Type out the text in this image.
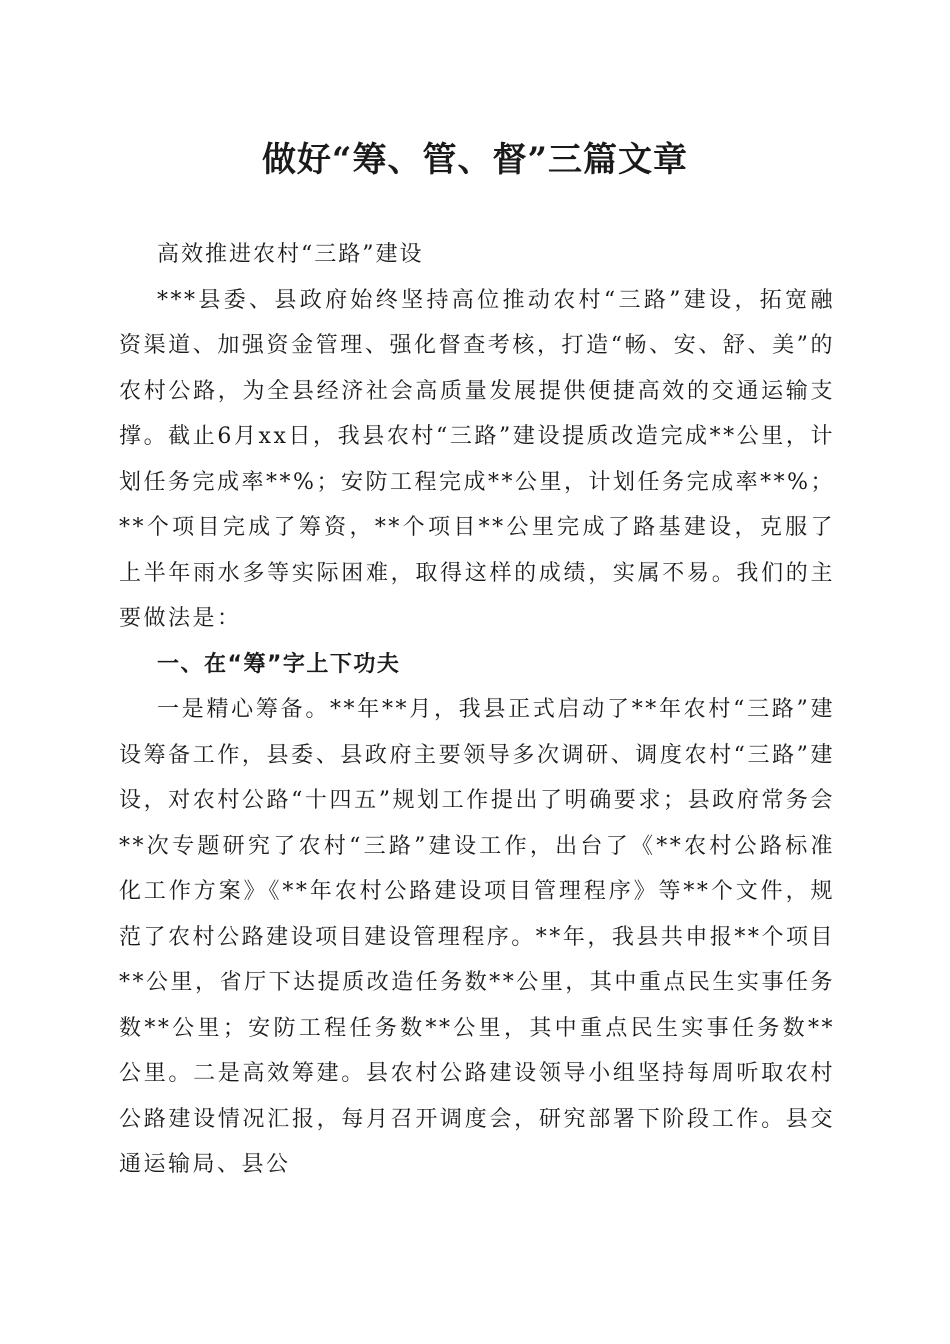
做好“筹、管、督”三篇文章

高效推进农村“三路”建设

***县委、县政府始终坚持高位推动农村“三路”建设，拓宽融资渠道、加强资金管理、强化督查考核，打造“畅、安、舒、美”的农村公路，为全县经济社会高质量发展提供便捷高效的交通运输支撑。截止6月xx日，我县农村“三路”建设提质改造完成**公里，计划任务完成率**%；安防工程完成**公里，计划任务完成率**%；**个项目完成了筹资，**个项目**公里完成了路基建设，克服了上半年雨水多等实际困难，取得这样的成绩，实属不易。我们的主要做法是：

一、在“筹”字上下功夫

一是精心筹备。**年**月，我县正式启动了**年农村“三路”建设筹备工作，县委、县政府主要领导多次调研、调度农村“三路”建设，对农村公路“十四五”规划工作提出了明确要求；县政府常务会**次专题研究了农村“三路”建设工作，出台了《**农村公路标准化工作方案》《**年农村公路建设项目管理程序》等**个文件，规范了农村公路建设项目建设管理程序。**年，我县共申报**个项目**公里，省厅下达提质改造任务数**公里，其中重点民生实事任务数**公里；安防工程任务数**公里，其中重点民生实事任务数**公里。二是高效筹建。县农村公路建设领导小组坚持每周听取农村公路建设情况汇报，每月召开调度会，研究部署下阶段工作。县交通运输局、县公
